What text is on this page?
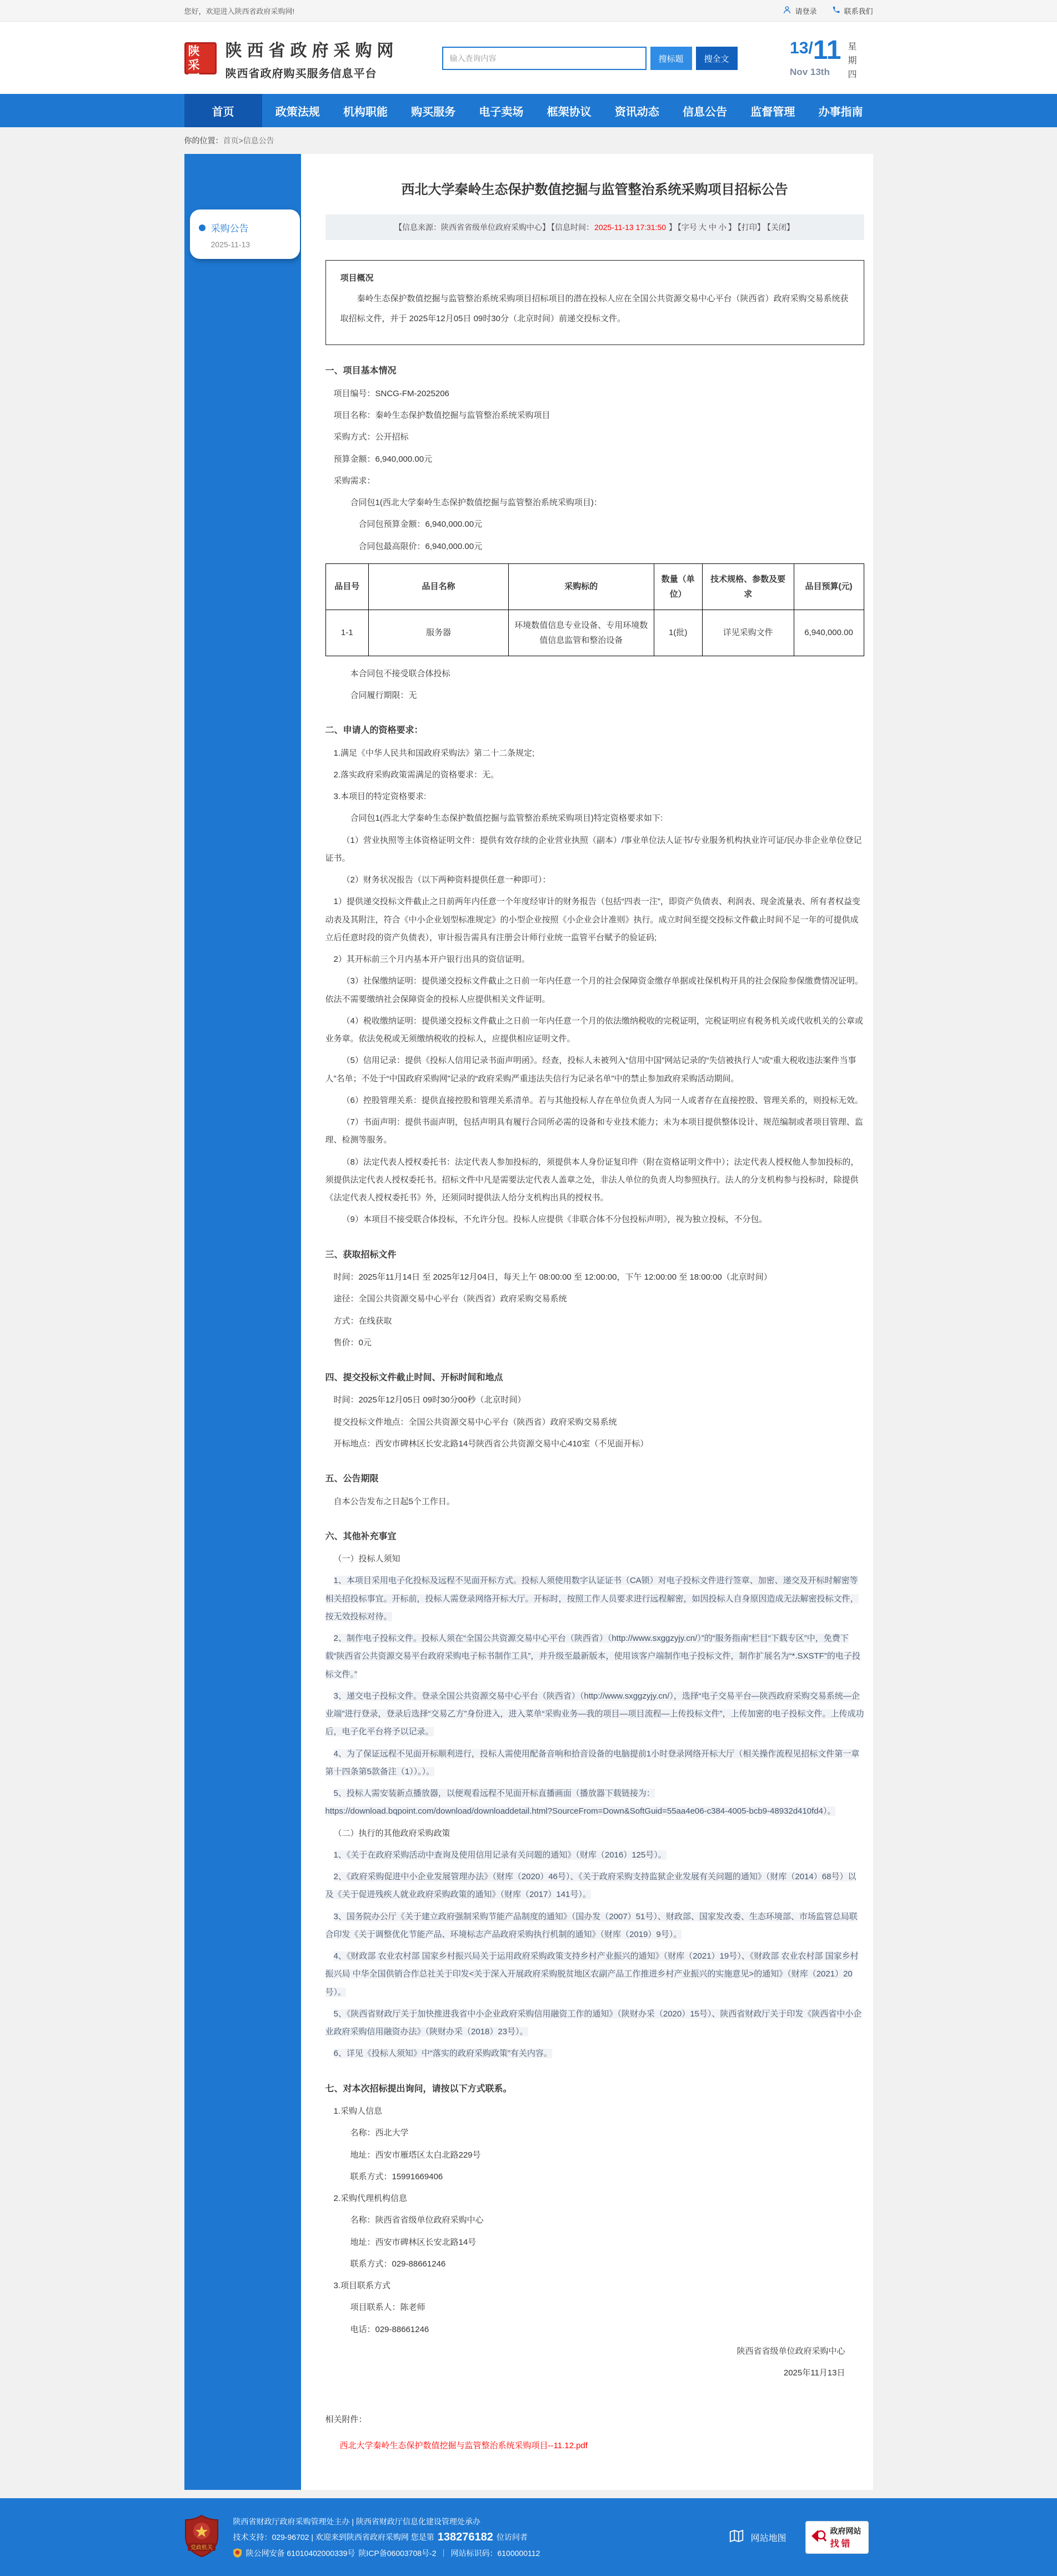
您好，欢迎进入陕西省政府采购网!	请登录	联系我们
政陕
采西
陕西省政府采购网
陕西省政府购买服务信息平台
输入查询内容
搜标题	搜全文
13/11
Nov 13th
星期四
首页	政策法规	机构职能	购买服务	电子卖场	框架协议	资讯动态	信息公告	监督管理	办事指南
你的位置： 首页 > 信息公告
采购公告
2025-11-13
西北大学秦岭生态保护数值挖掘与监管整治系统采购项目招标公告
【信息来源：陕西省省级单位政府采购中心】 【信息时间：2025-11-13 17:31:50 】 【字号 大 中 小 】 【打印】 【关闭】
项目概况

秦岭生态保护数值挖掘与监管整治系统采购项目招标项目的潜在投标人应在全国公共资源交易中心平台（陕西省）政府采购交易系统获取招标文件，并于 2025年12月05日 09时30分（北京时间）前递交投标文件。

一、项目基本情况

项目编号：SNCG-FM-2025206

项目名称：秦岭生态保护数值挖掘与监管整治系统采购项目

采购方式：公开招标

预算金额：6,940,000.00元

采购需求：

合同包1(西北大学秦岭生态保护数值挖掘与监管整治系统采购项目)：

合同包预算金额：6,940,000.00元

合同包最高限价：6,940,000.00元

品目号	品目名称	采购标的	数量（单位）	技术规格、参数及要求	品目预算(元)
1-1	服务器	环境数值信息专业设备、专用环境数值信息监管和整治设备	1(批)	详见采购文件	6,940,000.00

本合同包不接受联合体投标

合同履行期限：无

二、申请人的资格要求：

1.满足《中华人民共和国政府采购法》第二十二条规定;

2.落实政府采购政策需满足的资格要求：无。

3.本项目的特定资格要求:

合同包1(西北大学秦岭生态保护数值挖掘与监管整治系统采购项目)特定资格要求如下:

（1）营业执照等主体资格证明文件：提供有效存续的企业营业执照（副本）/事业单位法人证书/专业服务机构执业许可证/民办非企业单位登记证书。

（2）财务状况报告（以下两种资料提供任意一种即可）：

1）提供递交投标文件截止之日前两年内任意一个年度经审计的财务报告（包括“四表一注”，即资产负债表、利润表、现金流量表、所有者权益变动表及其附注，符合《中小企业划型标准规定》的小型企业按照《小企业会计准则》执行。成立时间至提交投标文件截止时间不足一年的可提供成立后任意时段的资产负债表），审计报告需具有注册会计师行业统一监管平台赋予的验证码;

2）其开标前三个月内基本开户银行出具的资信证明。

（3）社保缴纳证明：提供递交投标文件截止之日前一年内任意一个月的社会保障资金缴存单据或社保机构开具的社会保险参保缴费情况证明。依法不需要缴纳社会保障资金的投标人应提供相关文件证明。

（4）税收缴纳证明：提供递交投标文件截止之日前一年内任意一个月的依法缴纳税收的完税证明，完税证明应有税务机关或代收机关的公章或业务章。依法免税或无须缴纳税收的投标人，应提供相应证明文件。

（5）信用记录：提供《投标人信用记录书面声明函》。经查，投标人未被列入“信用中国”网站记录的“失信被执行人”或“重大税收违法案件当事人”名单；不处于“中国政府采购网”记录的“政府采购严重违法失信行为记录名单”中的禁止参加政府采购活动期间。

（6）控股管理关系：提供直接控股和管理关系清单。若与其他投标人存在单位负责人为同一人或者存在直接控股、管理关系的，则投标无效。

（7）书面声明：提供书面声明，包括声明具有履行合同所必需的设备和专业技术能力；未为本项目提供整体设计、规范编制或者项目管理、监理、检测等服务。

（8）法定代表人授权委托书：法定代表人参加投标的，须提供本人身份证复印件（附在资格证明文件中）；法定代表人授权他人参加投标的，须提供法定代表人授权委托书。招标文件中凡是需要法定代表人盖章之处，非法人单位的负责人均参照执行。法人的分支机构参与投标时，除提供《法定代表人授权委托书》外，还须同时提供法人给分支机构出具的授权书。

（9）本项目不接受联合体投标，不允许分包。投标人应提供《非联合体不分包投标声明》，视为独立投标，不分包。

三、获取招标文件

时间：2025年11月14日 至 2025年12月04日，每天上午 08:00:00 至 12:00:00，下午 12:00:00 至 18:00:00（北京时间）

途径：全国公共资源交易中心平台（陕西省）政府采购交易系统

方式：在线获取

售价：0元

四、提交投标文件截止时间、开标时间和地点

时间：2025年12月05日 09时30分00秒（北京时间）

提交投标文件地点：全国公共资源交易中心平台（陕西省）政府采购交易系统

开标地点：西安市碑林区长安北路14号陕西省公共资源交易中心410室（不见面开标）

五、公告期限

自本公告发布之日起5个工作日。

六、其他补充事宜

（一）投标人须知

1、本项目采用电子化投标及远程不见面开标方式。投标人须使用数字认证证书（CA锁）对电子投标文件进行签章、加密、递交及开标时解密等相关招投标事宜。开标前，投标人需登录网络开标大厅。开标时，按照工作人员要求进行远程解密，如因投标人自身原因造成无法解密投标文件，按无效投标对待。

2、制作电子投标文件。投标人须在“全国公共资源交易中心平台（陕西省）（http://www.sxggzyjy.cn/）”的“服务指南”栏目“下载专区”中，免费下载“陕西省公共资源交易平台政府采购电子标书制作工具”，并升级至最新版本，使用该客户端制作电子投标文件，制作扩展名为“*.SXSTF”的电子投标文件。”

3、递交电子投标文件。登录全国公共资源交易中心平台（陕西省）（http://www.sxggzyjy.cn/），选择“电子交易平台—陕西政府采购交易系统—企业端”进行登录，登录后选择“交易乙方”身份进入，进入菜单“采购业务—我的项目—项目流程—上传投标文件”，上传加密的电子投标文件。上传成功后，电子化平台将予以记录。

4、为了保证远程不见面开标顺利进行，投标人需使用配备音响和拾音设备的电脑提前1小时登录网络开标大厅（相关操作流程见招标文件第一章第十四条第5款备注（1））。）。

5、投标人需安装新点播放器，以便观看远程不见面开标直播画面（播放器下载链接为：https://download.bqpoint.com/download/downloaddetail.html?SourceFrom=Down&SoftGuid=55aa4e06-c384-4005-bcb9-48932d410fd4）。

（二）执行的其他政府采购政策

1、《关于在政府采购活动中查询及使用信用记录有关问题的通知》（财库（2016）125号）。

2、《政府采购促进中小企业发展管理办法》（财库（2020）46号）、《关于政府采购支持监狱企业发展有关问题的通知》（财库（2014）68号）以及《关于促进残疾人就业政府采购政策的通知》（财库（2017）141号）。

3、国务院办公厅《关于建立政府强制采购节能产品制度的通知》（国办发（2007）51号）、财政部、国家发改委、生态环境部、市场监管总局联合印发《关于调整优化节能产品、环境标志产品政府采购执行机制的通知》（财库（2019）9号）。

4、《财政部 农业农村部 国家乡村振兴局关于运用政府采购政策支持乡村产业振兴的通知》（财库（2021）19号）、《财政部 农业农村部 国家乡村振兴局 中华全国供销合作总社关于印发<关于深入开展政府采购脱贫地区农副产品工作推进乡村产业振兴的实施意见>的通知》（财库（2021）20号）。

5、《陕西省财政厅关于加快推进我省中小企业政府采购信用融资工作的通知》（陕财办采（2020）15号）、陕西省财政厅关于印发《陕西省中小企业政府采购信用融资办法》（陕财办采（2018）23号）。

6、详见《投标人须知》中“落实的政府采购政策”有关内容。

七、对本次招标提出询问，请按以下方式联系。

1.采购人信息

名称：西北大学

地址：西安市雁塔区太白北路229号

联系方式：15991669406

2.采购代理机构信息

名称：陕西省省级单位政府采购中心

地址：西安市碑林区长安北路14号

联系方式：029-88661246

3.项目联系方式

项目联系人：陈老师

电话：029-88661246

陕西省省级单位政府采购中心

2025年11月13日

相关附件：
西北大学秦岭生态保护数值挖掘与监管整治系统采购项目--11.12.pdf
党政机关
陕西省财政厅政府采购管理处主办 | 陕西省财政厅信息化建设管理处承办
技术支持：029-96702 | 欢迎来到陕西省政府采购网 您是第 138276182 位访问者
陕公网安备 61010402000339号 陕ICP备06003708号-2 ｜ 网站标识码：6100000112
网站地图
政府网站
找错
